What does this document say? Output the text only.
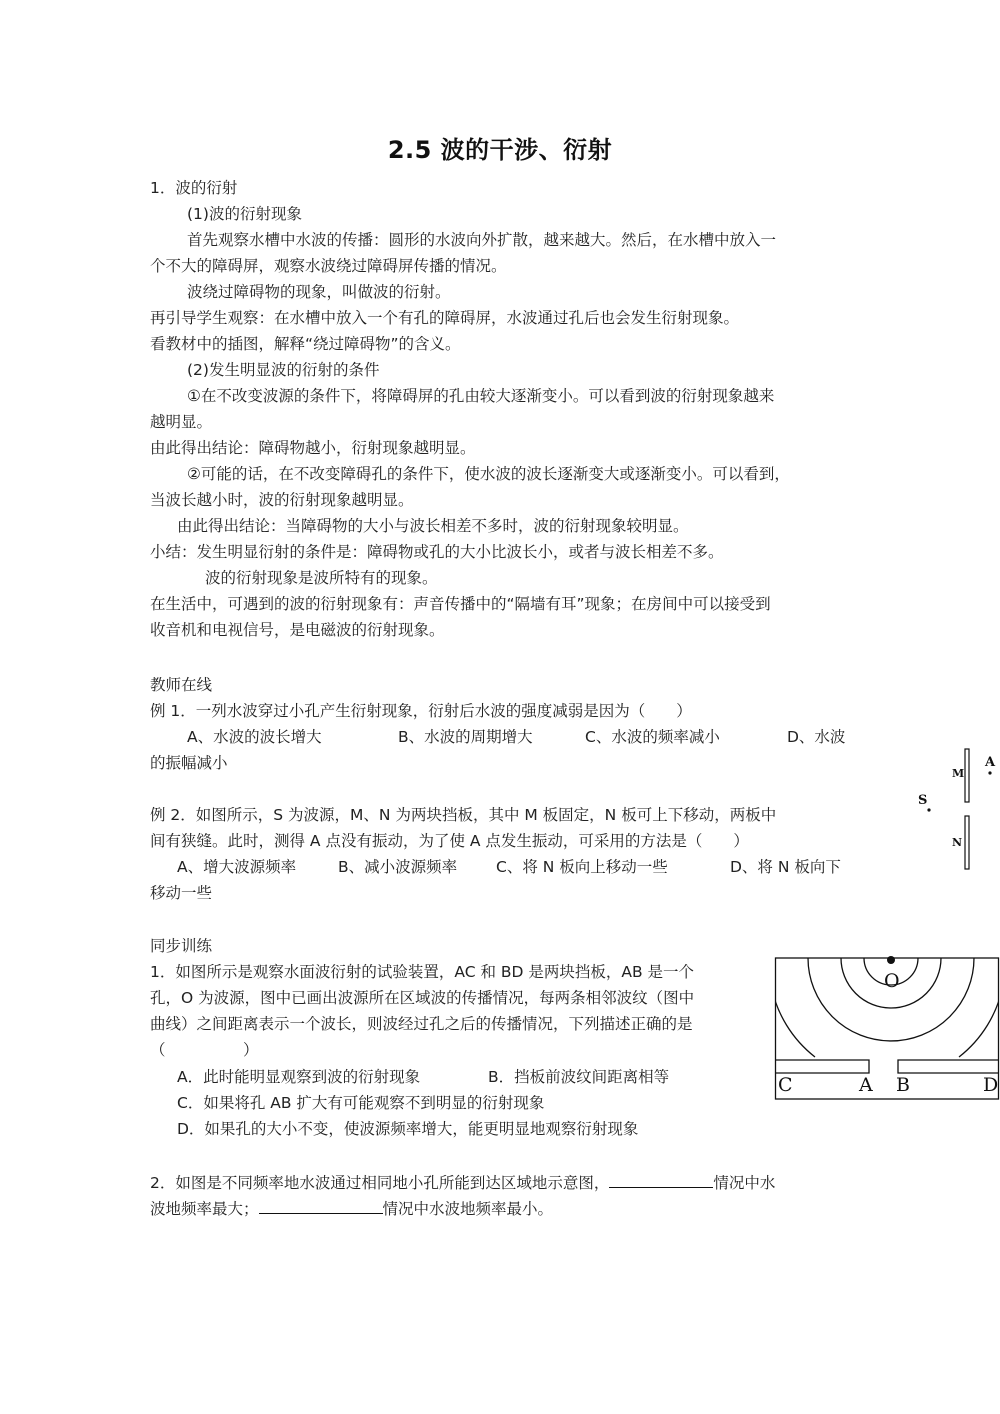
2.5 波的干涉、衍射
1．波的衍射
(1)波的衍射现象
首先观察水槽中水波的传播：圆形的水波向外扩散，越来越大。然后，在水槽中放入一
个不大的障碍屏，观察水波绕过障碍屏传播的情况。
波绕过障碍物的现象，叫做波的衍射。
再引导学生观察：在水槽中放入一个有孔的障碍屏，水波通过孔后也会发生衍射现象。
看教材中的插图，解释“绕过障碍物”的含义。
(2)发生明显波的衍射的条件
①在不改变波源的条件下，将障碍屏的孔由较大逐渐变小。可以看到波的衍射现象越来
越明显。
由此得出结论：障碍物越小，衍射现象越明显。
②可能的话，在不改变障碍孔的条件下，使水波的波长逐渐变大或逐渐变小。可以看到，
当波长越小时，波的衍射现象越明显。
由此得出结论：当障碍物的大小与波长相差不多时，波的衍射现象较明显。
小结：发生明显衍射的条件是：障碍物或孔的大小比波长小，或者与波长相差不多。
波的衍射现象是波所特有的现象。
在生活中，可遇到的波的衍射现象有：声音传播中的“隔墙有耳”现象；在房间中可以接受到
收音机和电视信号，是电磁波的衍射现象。
教师在线
例 1．一列水波穿过小孔产生衍射现象，衍射后水波的强度减弱是因为（　　）
A、水波的波长增大	B、水波的周期增大	C、水波的频率减小	D、水波
的振幅减小
例 2．如图所示，S 为波源，M、N 为两块挡板，其中 M 板固定，N 板可上下移动，两板中
间有狭缝。此时，测得 A 点没有振动，为了使 A 点发生振动，可采用的方法是（　　）
A、增大波源频率	B、减小波源频率	C、将 N 板向上移动一些	D、将 N 板向下
移动一些
M
N
S
A
同步训练
1．如图所示是观察水面波衍射的试验装置，AC 和 BD 是两块挡板，AB 是一个
孔，O 为波源，图中已画出波源所在区域波的传播情况，每两条相邻波纹（图中
曲线）之间距离表示一个波长，则波经过孔之后的传播情况，下列描述正确的是
（　　　　　）
A．此时能明显观察到波的衍射现象	B．挡板前波纹间距离相等
C．如果将孔 AB 扩大有可能观察不到明显的衍射现象
D．如果孔的大小不变，使波源频率增大，能更明显地观察衍射现象
O
C	A B	D
2．如图是不同频率地水波通过相同地小孔所能到达区域地示意图，	情况中水
波地频率最大；	情况中水波地频率最小。
